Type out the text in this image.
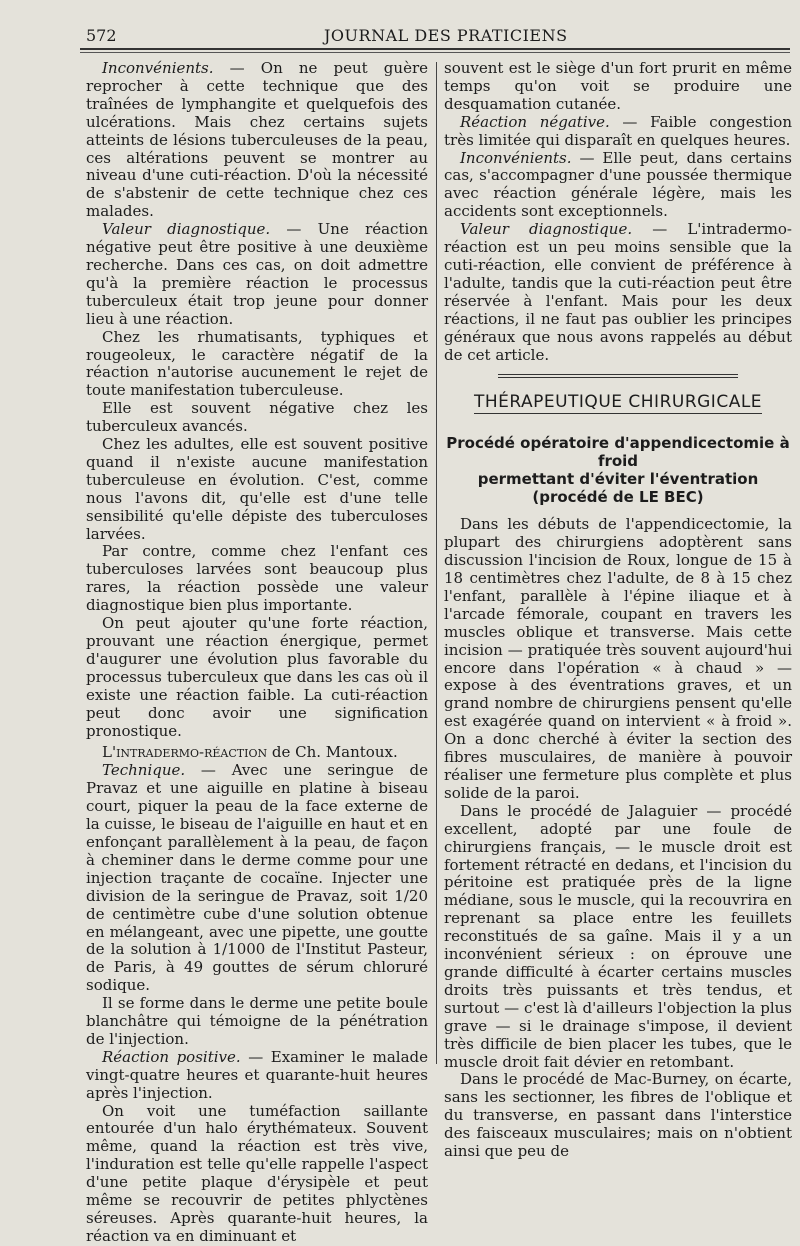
572	JOURNAL DES PRATICIENS

Inconvénients. — On ne peut guère reprocher à cette technique que des traînées de lymphangite et quelquefois des ulcérations. Mais chez certains sujets atteints de lésions tuberculeuses de la peau, ces altérations peuvent se montrer au niveau d'une cuti-réaction. D'où la nécessité de s'abstenir de cette technique chez ces malades.

Valeur diagnostique. — Une réaction négative peut être positive à une deuxième recherche. Dans ces cas, on doit admettre qu'à la première réaction le processus tuberculeux était trop jeune pour donner lieu à une réaction.

Chez les rhumatisants, typhiques et rougeoleux, le caractère négatif de la réaction n'autorise aucunement le rejet de toute manifestation tuberculeuse.

Elle est souvent négative chez les tuberculeux avancés.

Chez les adultes, elle est souvent positive quand il n'existe aucune manifestation tuberculeuse en évolution. C'est, comme nous l'avons dit, qu'elle est d'une telle sensibilité qu'elle dépiste des tuberculoses larvées.

Par contre, comme chez l'enfant ces tuberculoses larvées sont beaucoup plus rares, la réaction possède une valeur diagnostique bien plus importante.

On peut ajouter qu'une forte réaction, prouvant une réaction énergique, permet d'augurer une évolution plus favorable du processus tuberculeux que dans les cas où il existe une réaction faible. La cuti-réaction peut donc avoir une signification pronostique.

L'intradermo-réaction de Ch. Mantoux.

Technique. — Avec une seringue de Pravaz et une aiguille en platine à biseau court, piquer la peau de la face externe de la cuisse, le biseau de l'aiguille en haut et en enfonçant parallèlement à la peau, de façon à cheminer dans le derme comme pour une injection traçante de cocaïne. Injecter une division de la seringue de Pravaz, soit 1/20 de centimètre cube d'une solution obtenue en mélangeant, avec une pipette, une goutte de la solution à 1/1000 de l'Institut Pasteur, de Paris, à 49 gouttes de sérum chloruré sodique.

Il se forme dans le derme une petite boule blanchâtre qui témoigne de la pénétration de l'injection.

Réaction positive. — Examiner le malade vingt-quatre heures et quarante-huit heures après l'injection.

On voit une tuméfaction saillante entourée d'un halo érythémateux. Souvent même, quand la réaction est très vive, l'induration est telle qu'elle rappelle l'aspect d'une petite plaque d'érysipèle et peut même se recouvrir de petites phlyctènes séreuses. Après quarante-huit heures, la réaction va en diminuant et

souvent est le siège d'un fort prurit en même temps qu'on voit se produire une desquamation cutanée.

Réaction négative. — Faible congestion très limitée qui disparaît en quelques heures.

Inconvénients. — Elle peut, dans certains cas, s'accompagner d'une poussée thermique avec réaction générale légère, mais les accidents sont exceptionnels.

Valeur diagnostique. — L'intradermo-réaction est un peu moins sensible que la cuti-réaction, elle convient de préférence à l'adulte, tandis que la cuti-réaction peut être réservée à l'enfant. Mais pour les deux réactions, il ne faut pas oublier les principes généraux que nous avons rappelés au début de cet article.

THÉRAPEUTIQUE CHIRURGICALE

Procédé opératoire d'appendicectomie à froid
permettant d'éviter l'éventration
(procédé de LE BEC)

Dans les débuts de l'appendicectomie, la plupart des chirurgiens adoptèrent sans discussion l'incision de Roux, longue de 15 à 18 centimètres chez l'adulte, de 8 à 15 chez l'enfant, parallèle à l'épine iliaque et à l'arcade fémorale, coupant en travers les muscles oblique et transverse. Mais cette incision — pratiquée très souvent aujourd'hui encore dans l'opération « à chaud » — expose à des éventrations graves, et un grand nombre de chirurgiens pensent qu'elle est exagérée quand on intervient « à froid ». On a donc cherché à éviter la section des fibres musculaires, de manière à pouvoir réaliser une fermeture plus complète et plus solide de la paroi.

Dans le procédé de Jalaguier — procédé excellent, adopté par une foule de chirurgiens français, — le muscle droit est fortement rétracté en dedans, et l'incision du péritoine est pratiquée près de la ligne médiane, sous le muscle, qui la recouvrira en reprenant sa place entre les feuillets reconstitués de sa gaîne. Mais il y a un inconvénient sérieux : on éprouve une grande difficulté à écarter certains muscles droits très puissants et très tendus, et surtout — c'est là d'ailleurs l'objection la plus grave — si le drainage s'impose, il devient très difficile de bien placer les tubes, que le muscle droit fait dévier en retombant.

Dans le procédé de Mac-Burney, on écarte, sans les sectionner, les fibres de l'oblique et du transverse, en passant dans l'interstice des faisceaux musculaires; mais on n'obtient ainsi que peu de
